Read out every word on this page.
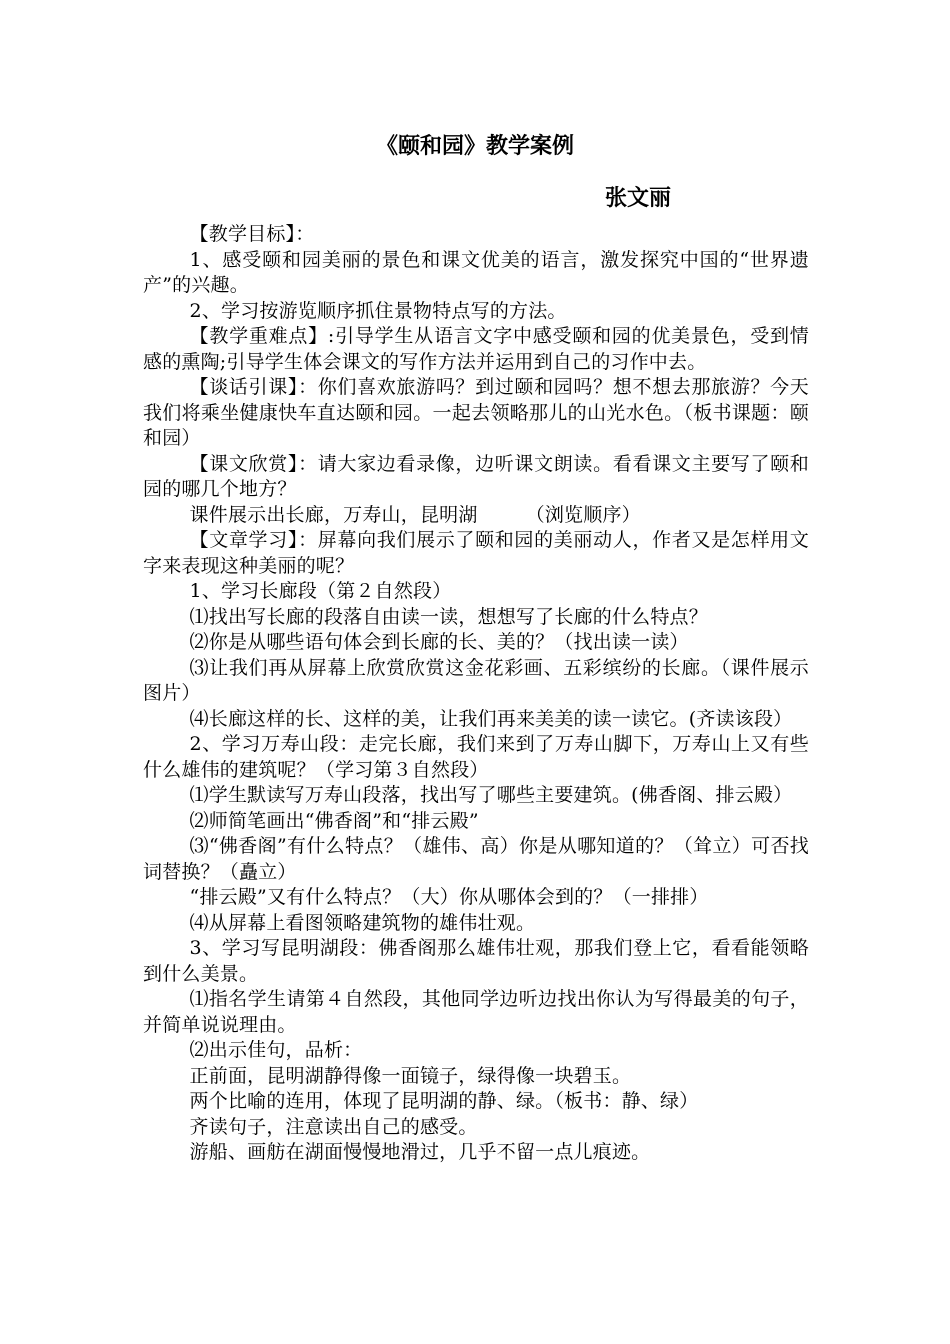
《颐和园》教学案例
张文丽

【教学目标】：

1、感受颐和园美丽的景色和课文优美的语言，激发探究中国的“世界遗产”的兴趣。

2、学习按游览顺序抓住景物特点写的方法。

【教学重难点】:引导学生从语言文字中感受颐和园的优美景色，受到情感的熏陶;引导学生体会课文的写作方法并运用到自己的习作中去。

【谈话引课】：你们喜欢旅游吗？到过颐和园吗？想不想去那旅游？今天我们将乘坐健康快车直达颐和园。一起去领略那儿的山光水色。（板书课题：颐和园）

【课文欣赏】：请大家边看录像，边听课文朗读。看看课文主要写了颐和园的哪几个地方？

课件展示出长廊，万寿山，昆明湖　　　（浏览顺序）

【文章学习】：屏幕向我们展示了颐和园的美丽动人，作者又是怎样用文字来表现这种美丽的呢？

1、学习长廊段（第２自然段）

⑴找出写长廊的段落自由读一读，想想写了长廊的什么特点？

⑵你是从哪些语句体会到长廊的长、美的？（找出读一读）

⑶让我们再从屏幕上欣赏欣赏这金花彩画、五彩缤纷的长廊。（课件展示图片）

⑷长廊这样的长、这样的美，让我们再来美美的读一读它。(齐读该段）

2、学习万寿山段：走完长廊，我们来到了万寿山脚下，万寿山上又有些什么雄伟的建筑呢？（学习第３自然段）

⑴学生默读写万寿山段落，找出写了哪些主要建筑。(佛香阁、排云殿）

⑵师简笔画出“佛香阁”和“排云殿”

⑶“佛香阁”有什么特点？（雄伟、高）你是从哪知道的？（耸立）可否找词替换？（矗立）

“排云殿”又有什么特点？（大）你从哪体会到的？（一排排）

⑷从屏幕上看图领略建筑物的雄伟壮观。

3、学习写昆明湖段：佛香阁那么雄伟壮观，那我们登上它，看看能领略到什么美景。

⑴指名学生请第４自然段，其他同学边听边找出你认为写得最美的句子，并简单说说理由。

⑵出示佳句，品析：

正前面，昆明湖静得像一面镜子，绿得像一块碧玉。

两个比喻的连用，体现了昆明湖的静、绿。（板书：静、绿）

齐读句子，注意读出自己的感受。

游船、画舫在湖面慢慢地滑过，几乎不留一点儿痕迹。
